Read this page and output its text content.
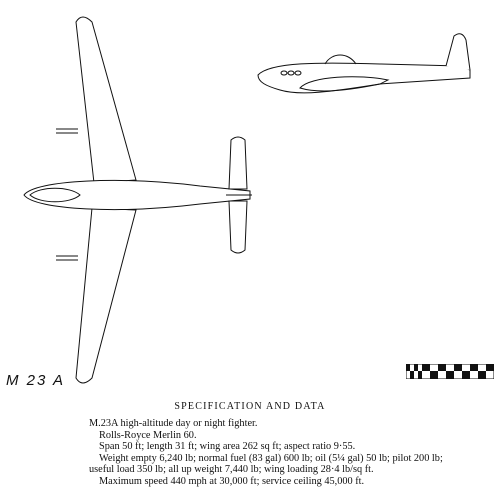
M 23 A
SPECIFICATION AND DATA

M.23A high-altitude day or night fighter.

Rolls-Royce Merlin 60.

Span 50 ft; length 31 ft; wing area 262 sq ft; aspect ratio 9·55.

Weight empty 6,240 lb; normal fuel (83 gal) 600 lb; oil (5¼ gal) 50 lb; pilot 200 lb;

useful load 350 lb; all up weight 7,440 lb; wing loading 28·4 lb/sq ft.

Maximum speed 440 mph at 30,000 ft; service ceiling 45,000 ft.
